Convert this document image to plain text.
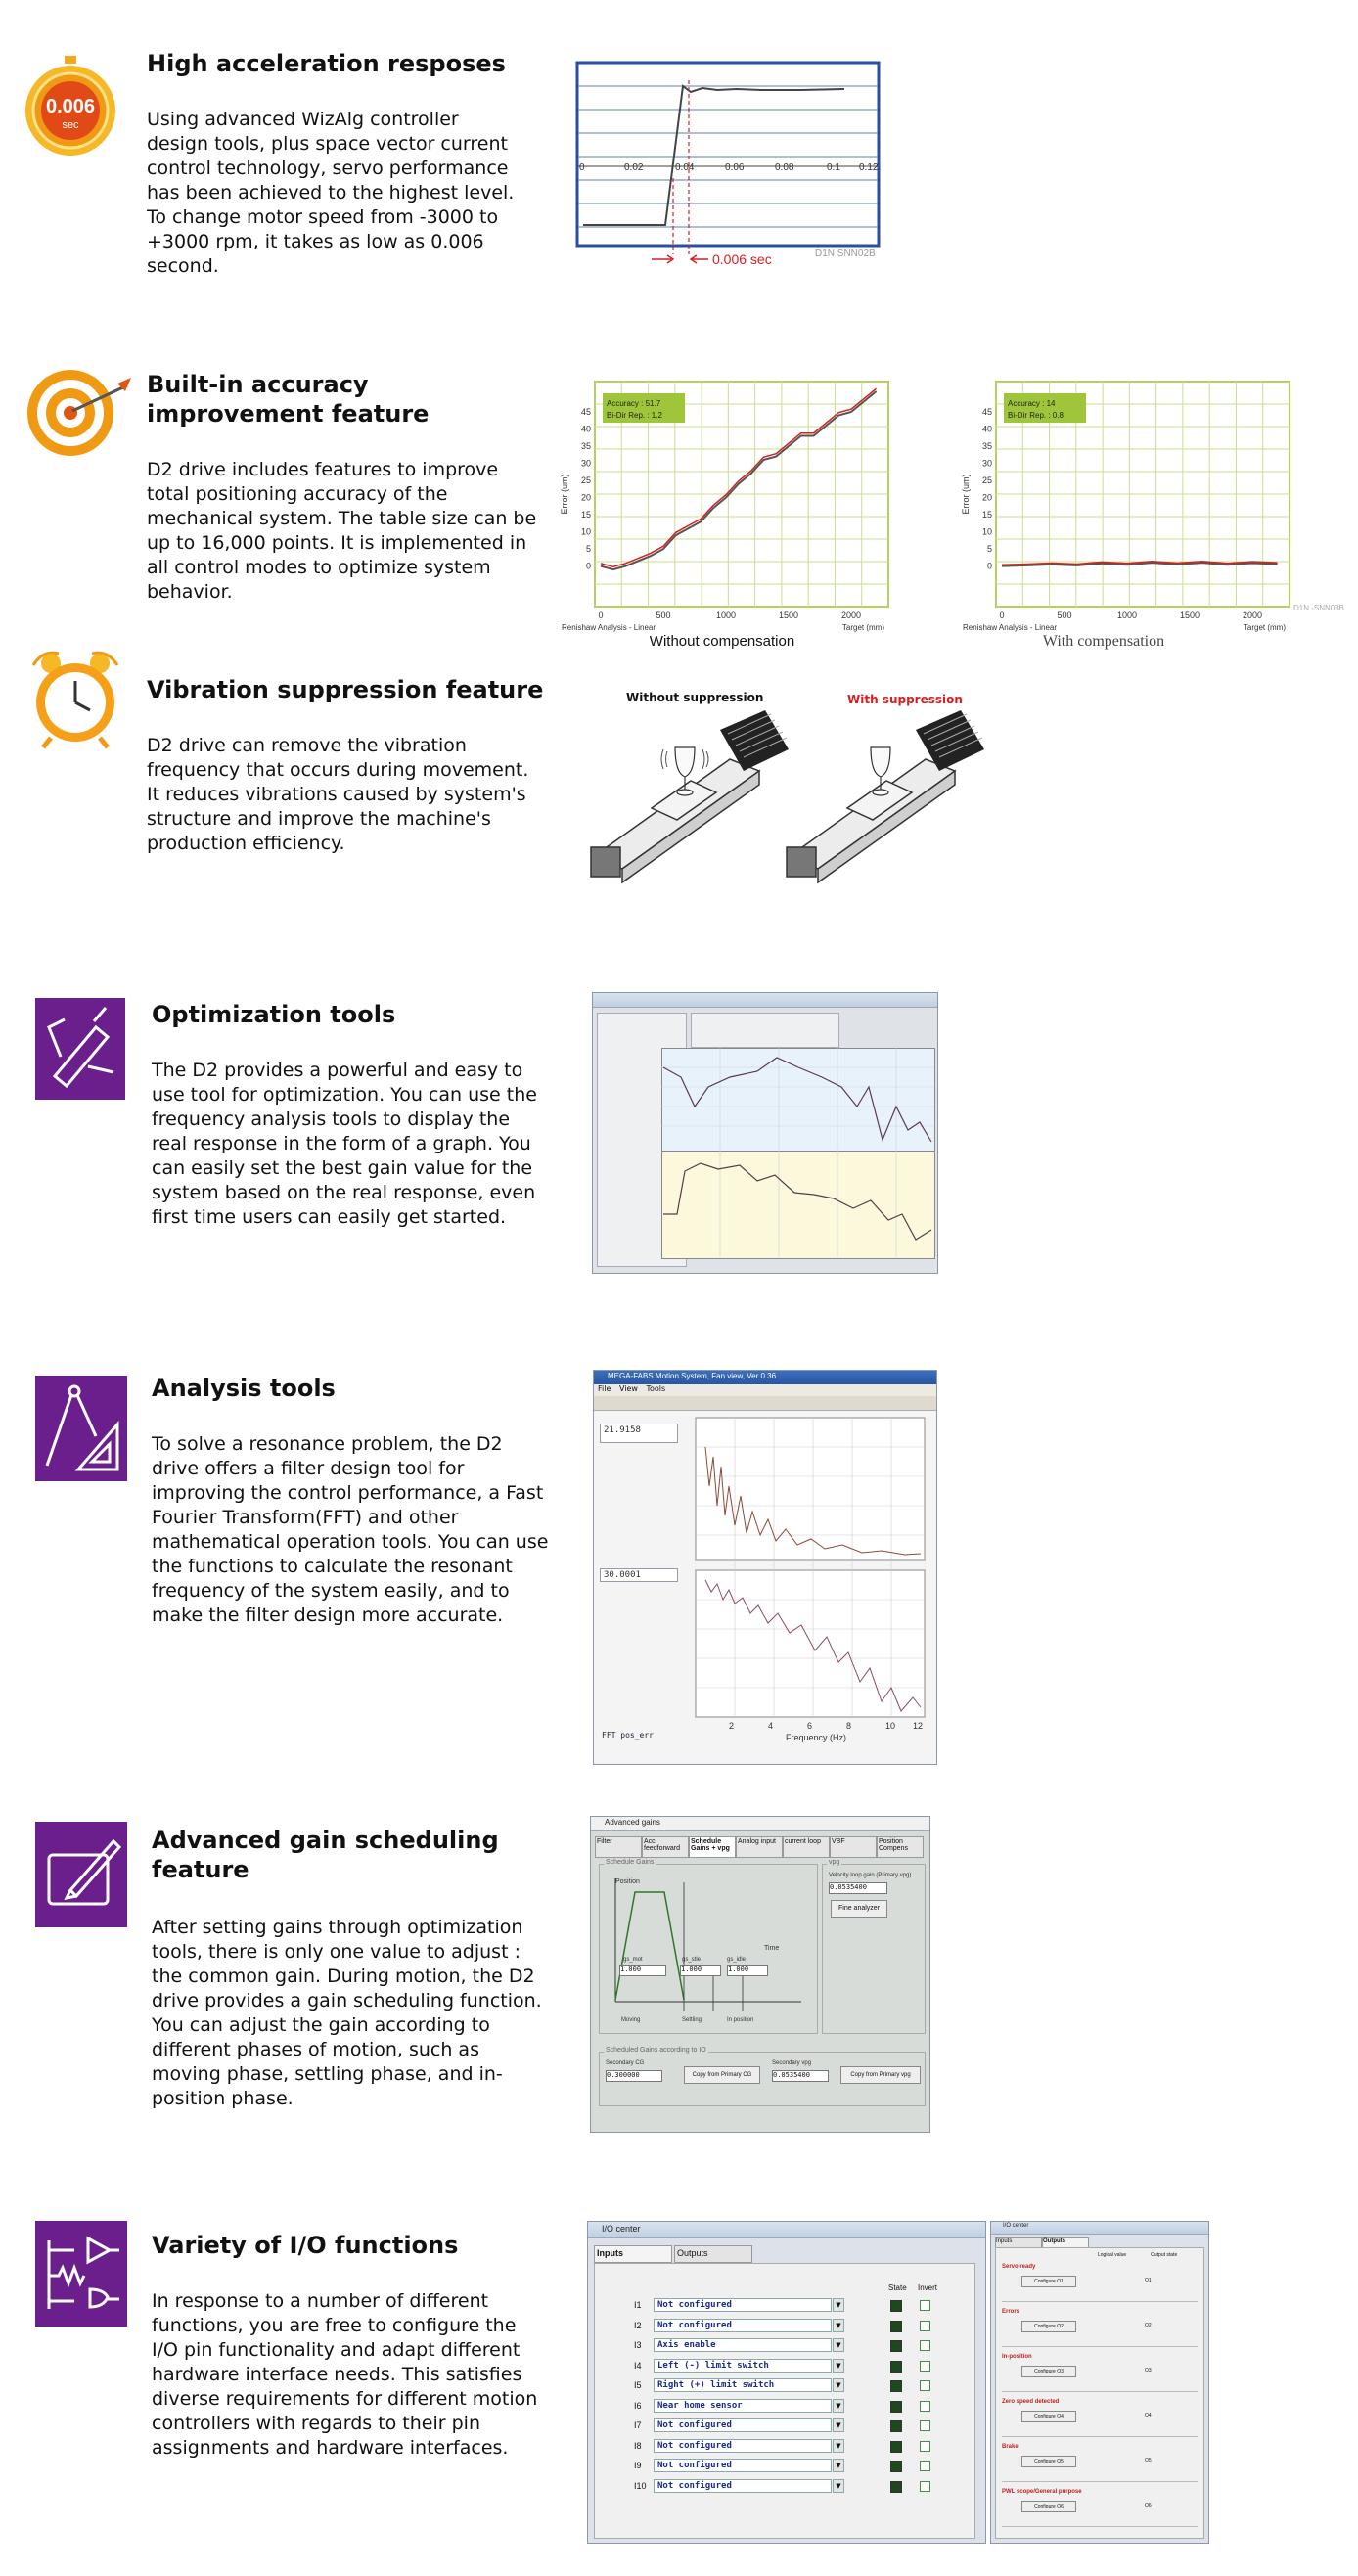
0.006
sec
High acceleration resposes
Using advanced WizAlg controller design tools, plus space vector current control technology, servo performance has been achieved to the highest level. To change motor speed from -3000 to +3000 rpm, it takes as low as 0.006 second.
0	0.02	0.04	0.06	0.08	0.1 0.12
0.006 sec	D1N SNN02B
Built-in accuracy improvement feature
D2 drive includes features to improve total positioning accuracy of the mechanical system. The table size can be up to 16,000 points. It is implemented in all control modes to optimize system behavior.
0
5
10
15
20
25
30
35
40
45
0	500	1000	1500	2000
Accuracy : 51.7
Bi-Dir Rep. : 1.2
Error (um)
Target (mm)
Renishaw Analysis - Linear
Without compensation
0
5
10
15
20
25
30
35
40
45
0	500	1000	1500	2000
Accuracy : 14
Bi-Dir Rep. : 0.8
Error (um)
Target (mm)
Renishaw Analysis - Linear
With compensation
D1N -SNN03B
Vibration suppression feature
D2 drive can remove the vibration frequency that occurs during movement. It reduces vibrations caused by system's structure and improve the machine's production efficiency.
Without suppression	With suppression
Optimization tools
The D2 provides a powerful and easy to use tool for optimization. You can use the frequency analysis tools to display the real response in the form of a graph. You can easily set the best gain value for the system based on the real response, even first time users can easily get started.
Analysis tools
To solve a resonance problem, the D2 drive offers a filter design tool for improving the control performance, a Fast Fourier Transform(FFT) and other mathematical operation tools. You can use the functions to calculate the resonant frequency of the system easily, and to make the filter design more accurate.
MEGA-FABS Motion System, Fan view, Ver 0.36
File View Tools
21.9158
30.0001
FFT pos_err
2	4	6	8	10 12
Frequency (Hz)
Advanced gain scheduling feature
After setting gains through optimization tools, there is only one value to adjust : the common gain. During motion, the D2 drive provides a gain scheduling function. You can adjust the gain according to different phases of motion, such as moving phase, settling phase, and in-position phase.
Advanced gains
Filter	Acc. feedforward
Schedule Gains + vpg
Analog input	current loop	VBF	Position Compens
Schedule Gains
Position
Time
gs_mot	gs_stle	gs_idle
1.000	1.000	1.000
Moving	Settling	In position
vpg
Velocity loop gain (Primary vpg)
0.0535400
Fine analyzer
Scheduled Gains according to IO
Secondary CG
0.300000	Copy from Primary CG
Secondary vpg
0.0535400	Copy from Primary vpg
Variety of I/O functions
In response to a number of different functions, you are free to configure the I/O pin functionality and adapt different hardware interface needs. This satisfies diverse requirements for different motion controllers with regards to their pin assignments and hardware interfaces.
I/O center
Inputs	Outputs
State Invert
I1	Not configured	▼
I2	Not configured	▼
I3	Axis enable	▼
I4	Left (-) limit switch	▼
I5	Right (+) limit switch	▼
I6	Near home sensor	▼
I7	Not configured	▼
I8	Not configured	▼
I9	Not configured	▼
I10	Not configured	▼
I/O center
Inputs	Outputs
Logical value	Output state
Servo ready
Configure O1	O1
Errors
Configure O2	O2
In-position
Configure O3	O3
Zero speed detected
Configure O4	O4
Brake
Configure O5	O5
PWL scope/General purpose
Configure O6	O6
